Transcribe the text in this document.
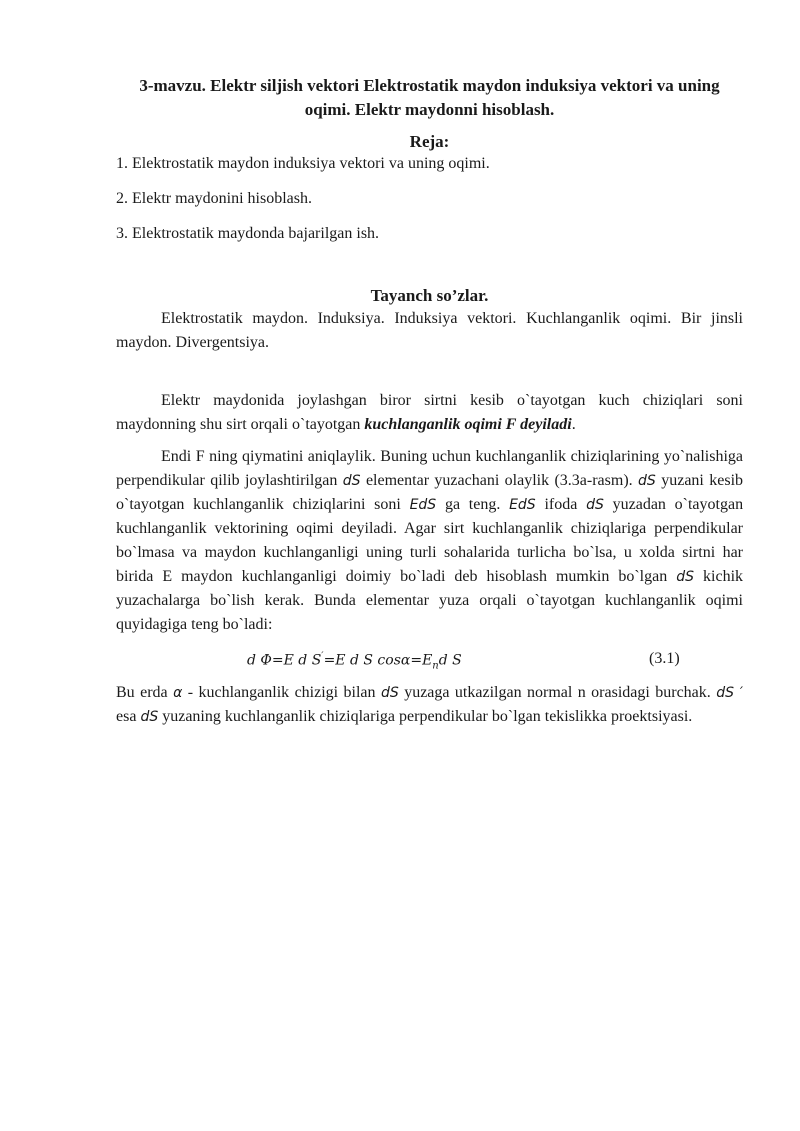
3-mavzu. Elektr siljish vektori Elektrostatik maydon induksiya vektori va uning oqimi. Elektr maydonni hisoblash.

Reja:

1. Elektrostatik maydon induksiya vektori va uning oqimi.

2. Elektr maydonini hisoblash.

3. Elektrostatik maydonda bajarilgan ish.

Tayanch so’zlar.

Elektrostatik maydon. Induksiya. Induksiya vektori. Kuchlanganlik oqimi. Bir jinsli maydon. Divergentsiya.

Elektr maydonida joylashgan biror sirtni kesib o`tayotgan kuch chiziqlari soni maydonning shu sirt orqali o`tayotgan kuchlanganlik oqimi F deyiladi.

Endi F ning qiymatini aniqlaylik. Buning uchun kuchlanganlik chiziqlarining yo`nalishiga perpendikular qilib joylashtirilgan dS elementar yuzachani olaylik (3.3a-rasm). dS yuzani kesib o`tayotgan kuchlanganlik chiziqlarini soni EdS ga teng. EdS ifoda dS yuzadan o`tayotgan kuchlanganlik vektorining oqimi deyiladi. Agar sirt kuchlanganlik chiziqlariga perpendikular bo`lmasa va maydon kuchlanganligi uning turli sohalarida turlicha bo`lsa, u xolda sirtni har birida E maydon kuchlanganligi doimiy bo`ladi deb hisoblash mumkin bo`lgan dS kichik yuzachalarga bo`lish kerak. Bunda elementar yuza orqali o`tayotgan kuchlanganlik oqimi quyidagiga teng bo`ladi:

d Φ=E d S′=E d S $\cos\alpha=E_nd$ S	(3.1)

Bu erda α - kuchlanganlik chizigi bilan dS yuzaga utkazilgan normal n orasidagi burchak. dS ′ esa dS yuzaning kuchlanganlik chiziqlariga perpendikular bo`lgan tekislikka proektsiyasi.
